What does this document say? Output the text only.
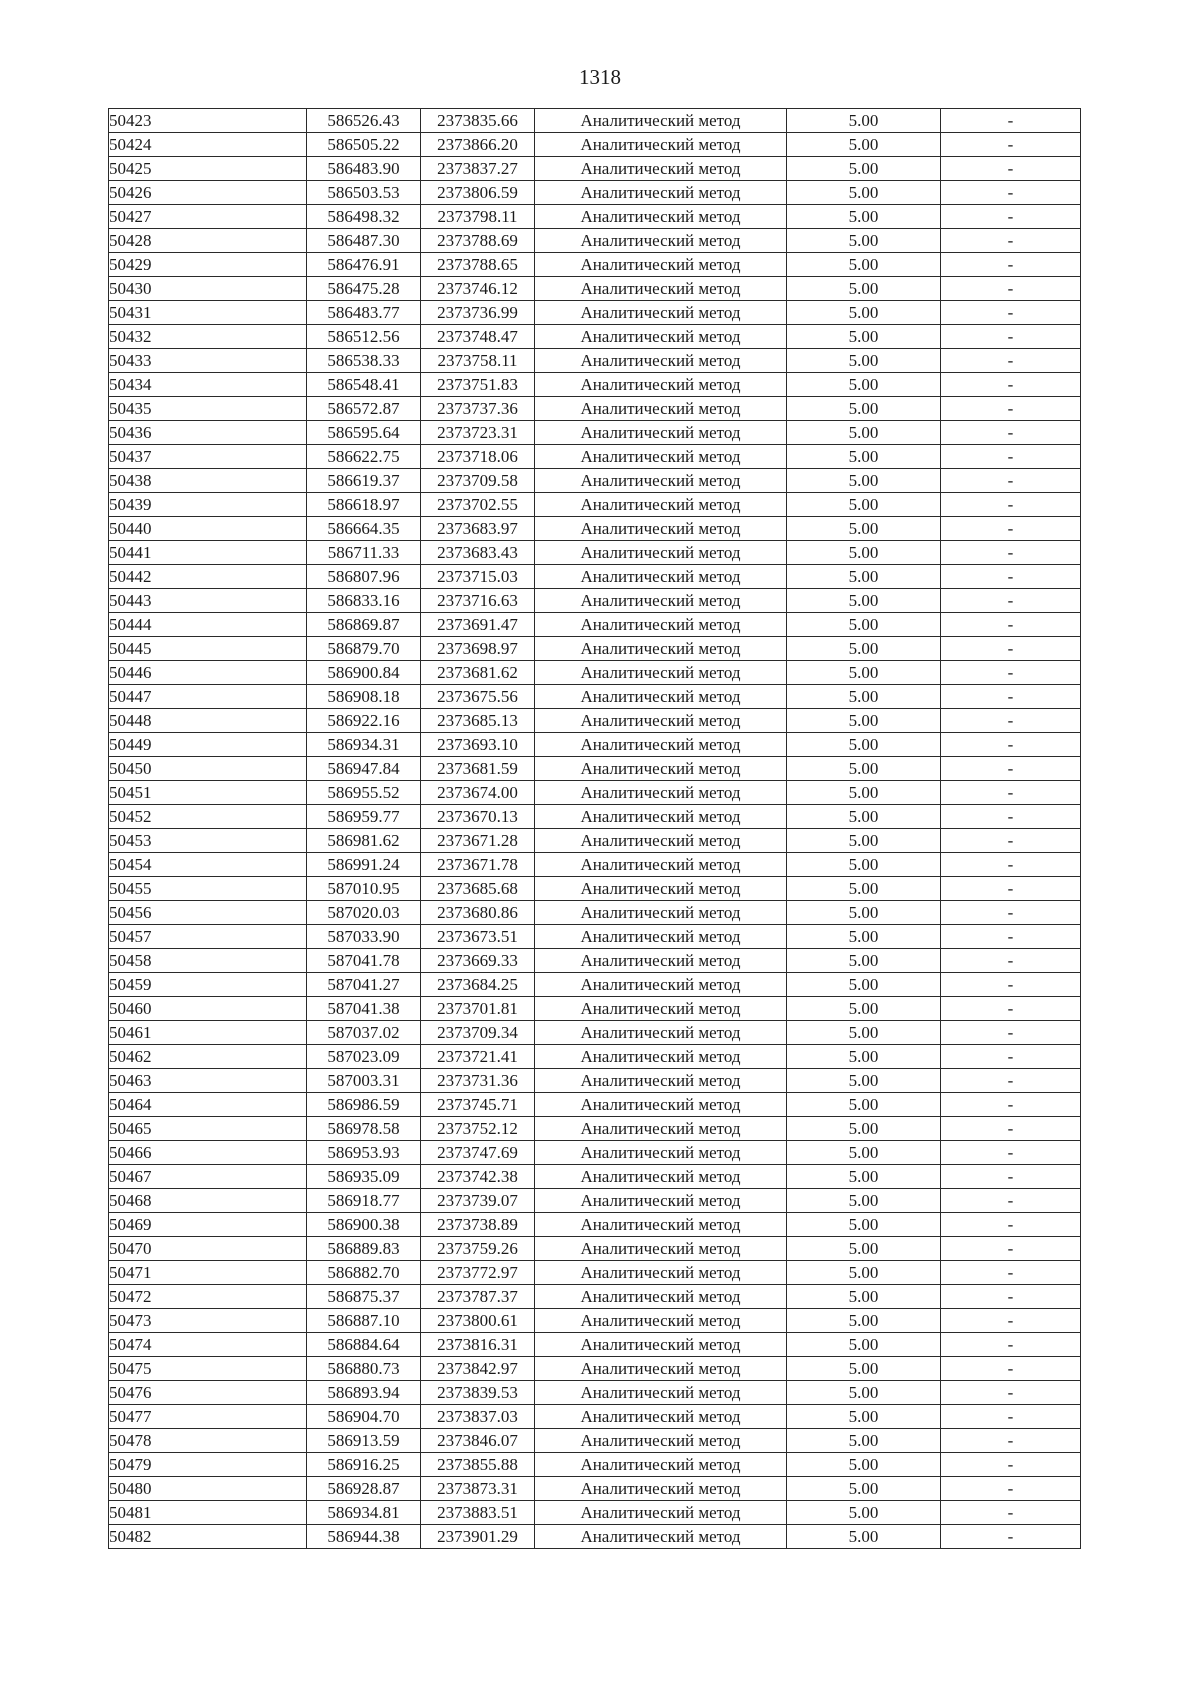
1318
50423	586526.43	2373835.66	Аналитический метод	5.00	-
50424	586505.22	2373866.20	Аналитический метод	5.00	-
50425	586483.90	2373837.27	Аналитический метод	5.00	-
50426	586503.53	2373806.59	Аналитический метод	5.00	-
50427	586498.32	2373798.11	Аналитический метод	5.00	-
50428	586487.30	2373788.69	Аналитический метод	5.00	-
50429	586476.91	2373788.65	Аналитический метод	5.00	-
50430	586475.28	2373746.12	Аналитический метод	5.00	-
50431	586483.77	2373736.99	Аналитический метод	5.00	-
50432	586512.56	2373748.47	Аналитический метод	5.00	-
50433	586538.33	2373758.11	Аналитический метод	5.00	-
50434	586548.41	2373751.83	Аналитический метод	5.00	-
50435	586572.87	2373737.36	Аналитический метод	5.00	-
50436	586595.64	2373723.31	Аналитический метод	5.00	-
50437	586622.75	2373718.06	Аналитический метод	5.00	-
50438	586619.37	2373709.58	Аналитический метод	5.00	-
50439	586618.97	2373702.55	Аналитический метод	5.00	-
50440	586664.35	2373683.97	Аналитический метод	5.00	-
50441	586711.33	2373683.43	Аналитический метод	5.00	-
50442	586807.96	2373715.03	Аналитический метод	5.00	-
50443	586833.16	2373716.63	Аналитический метод	5.00	-
50444	586869.87	2373691.47	Аналитический метод	5.00	-
50445	586879.70	2373698.97	Аналитический метод	5.00	-
50446	586900.84	2373681.62	Аналитический метод	5.00	-
50447	586908.18	2373675.56	Аналитический метод	5.00	-
50448	586922.16	2373685.13	Аналитический метод	5.00	-
50449	586934.31	2373693.10	Аналитический метод	5.00	-
50450	586947.84	2373681.59	Аналитический метод	5.00	-
50451	586955.52	2373674.00	Аналитический метод	5.00	-
50452	586959.77	2373670.13	Аналитический метод	5.00	-
50453	586981.62	2373671.28	Аналитический метод	5.00	-
50454	586991.24	2373671.78	Аналитический метод	5.00	-
50455	587010.95	2373685.68	Аналитический метод	5.00	-
50456	587020.03	2373680.86	Аналитический метод	5.00	-
50457	587033.90	2373673.51	Аналитический метод	5.00	-
50458	587041.78	2373669.33	Аналитический метод	5.00	-
50459	587041.27	2373684.25	Аналитический метод	5.00	-
50460	587041.38	2373701.81	Аналитический метод	5.00	-
50461	587037.02	2373709.34	Аналитический метод	5.00	-
50462	587023.09	2373721.41	Аналитический метод	5.00	-
50463	587003.31	2373731.36	Аналитический метод	5.00	-
50464	586986.59	2373745.71	Аналитический метод	5.00	-
50465	586978.58	2373752.12	Аналитический метод	5.00	-
50466	586953.93	2373747.69	Аналитический метод	5.00	-
50467	586935.09	2373742.38	Аналитический метод	5.00	-
50468	586918.77	2373739.07	Аналитический метод	5.00	-
50469	586900.38	2373738.89	Аналитический метод	5.00	-
50470	586889.83	2373759.26	Аналитический метод	5.00	-
50471	586882.70	2373772.97	Аналитический метод	5.00	-
50472	586875.37	2373787.37	Аналитический метод	5.00	-
50473	586887.10	2373800.61	Аналитический метод	5.00	-
50474	586884.64	2373816.31	Аналитический метод	5.00	-
50475	586880.73	2373842.97	Аналитический метод	5.00	-
50476	586893.94	2373839.53	Аналитический метод	5.00	-
50477	586904.70	2373837.03	Аналитический метод	5.00	-
50478	586913.59	2373846.07	Аналитический метод	5.00	-
50479	586916.25	2373855.88	Аналитический метод	5.00	-
50480	586928.87	2373873.31	Аналитический метод	5.00	-
50481	586934.81	2373883.51	Аналитический метод	5.00	-
50482	586944.38	2373901.29	Аналитический метод	5.00	-
